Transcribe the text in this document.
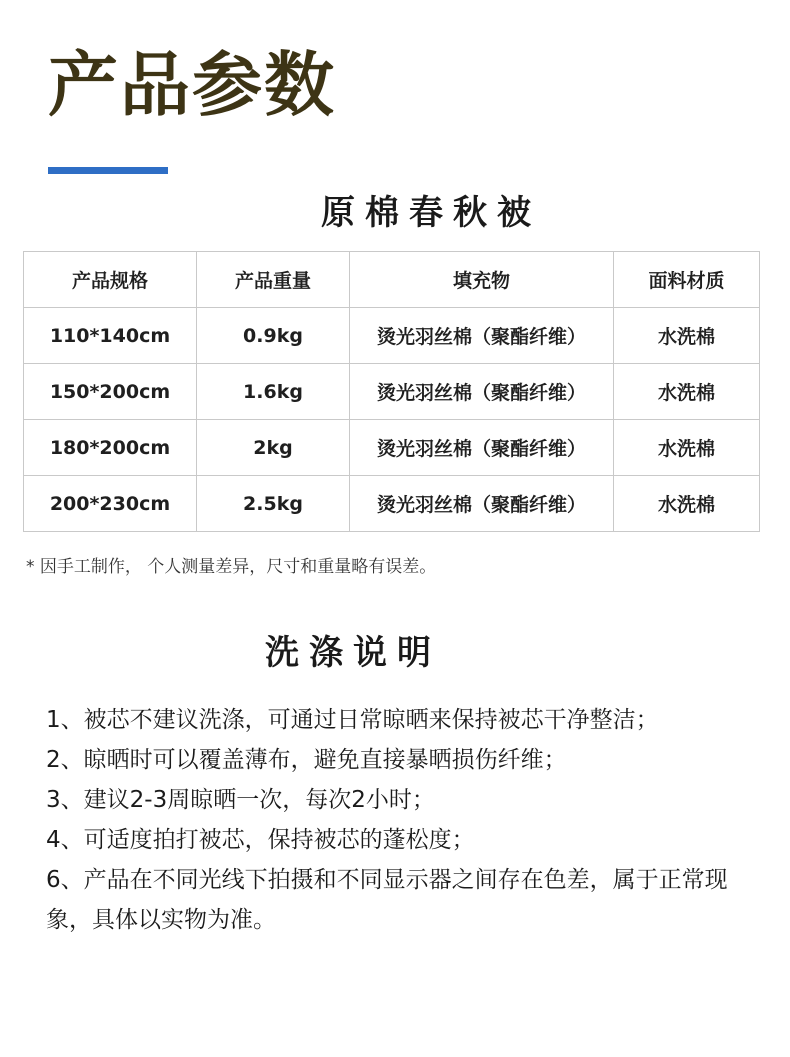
产品参数
原棉春秋被
产品规格	产品重量	填充物	面料材质
110*140cm	0.9kg	烫光羽丝棉（聚酯纤维）	水洗棉
150*200cm	1.6kg	烫光羽丝棉（聚酯纤维）	水洗棉
180*200cm	2kg	烫光羽丝棉（聚酯纤维）	水洗棉
200*230cm	2.5kg	烫光羽丝棉（聚酯纤维）	水洗棉
* 因手工制作， 个人测量差异，尺寸和重量略有误差。
洗涤说明
1、被芯不建议洗涤，可通过日常晾晒来保持被芯干净整洁；
2、晾晒时可以覆盖薄布，避免直接暴晒损伤纤维；
3、建议2-3周晾晒一次，每次2小时；
4、可适度拍打被芯，保持被芯的蓬松度；
6、产品在不同光线下拍摄和不同显示器之间存在色差，属于正常现象，具体以实物为准。
